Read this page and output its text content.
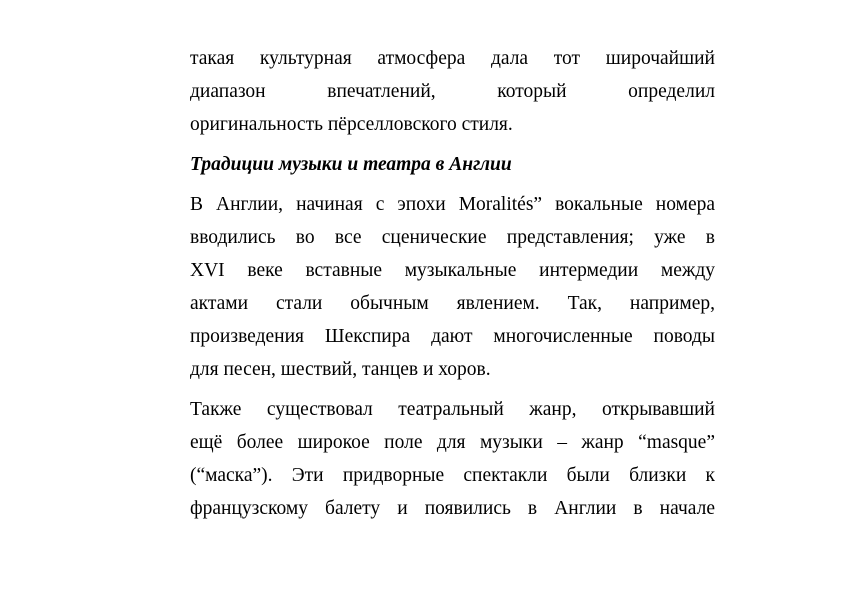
такая культурная атмосфера дала тот широчайший
диапазон впечатлений, который определил
оригинальность пёрселловского стиля.
Традиции музыки и театра в Англии
В Англии, начиная с эпохи Moralités” вокальные номера
вводились во все сценические представления; уже в
XVI веке вставные музыкальные интермедии между
актами стали обычным явлением. Так, например,
произведения Шекспира дают многочисленные поводы
для песен, шествий, танцев и хоров.
Также существовал театральный жанр, открывавший
ещё более широкое поле для музыки – жанр “masque”
(“маска”). Эти придворные спектакли были близки к
французскому балету и появились в Англии в начале
